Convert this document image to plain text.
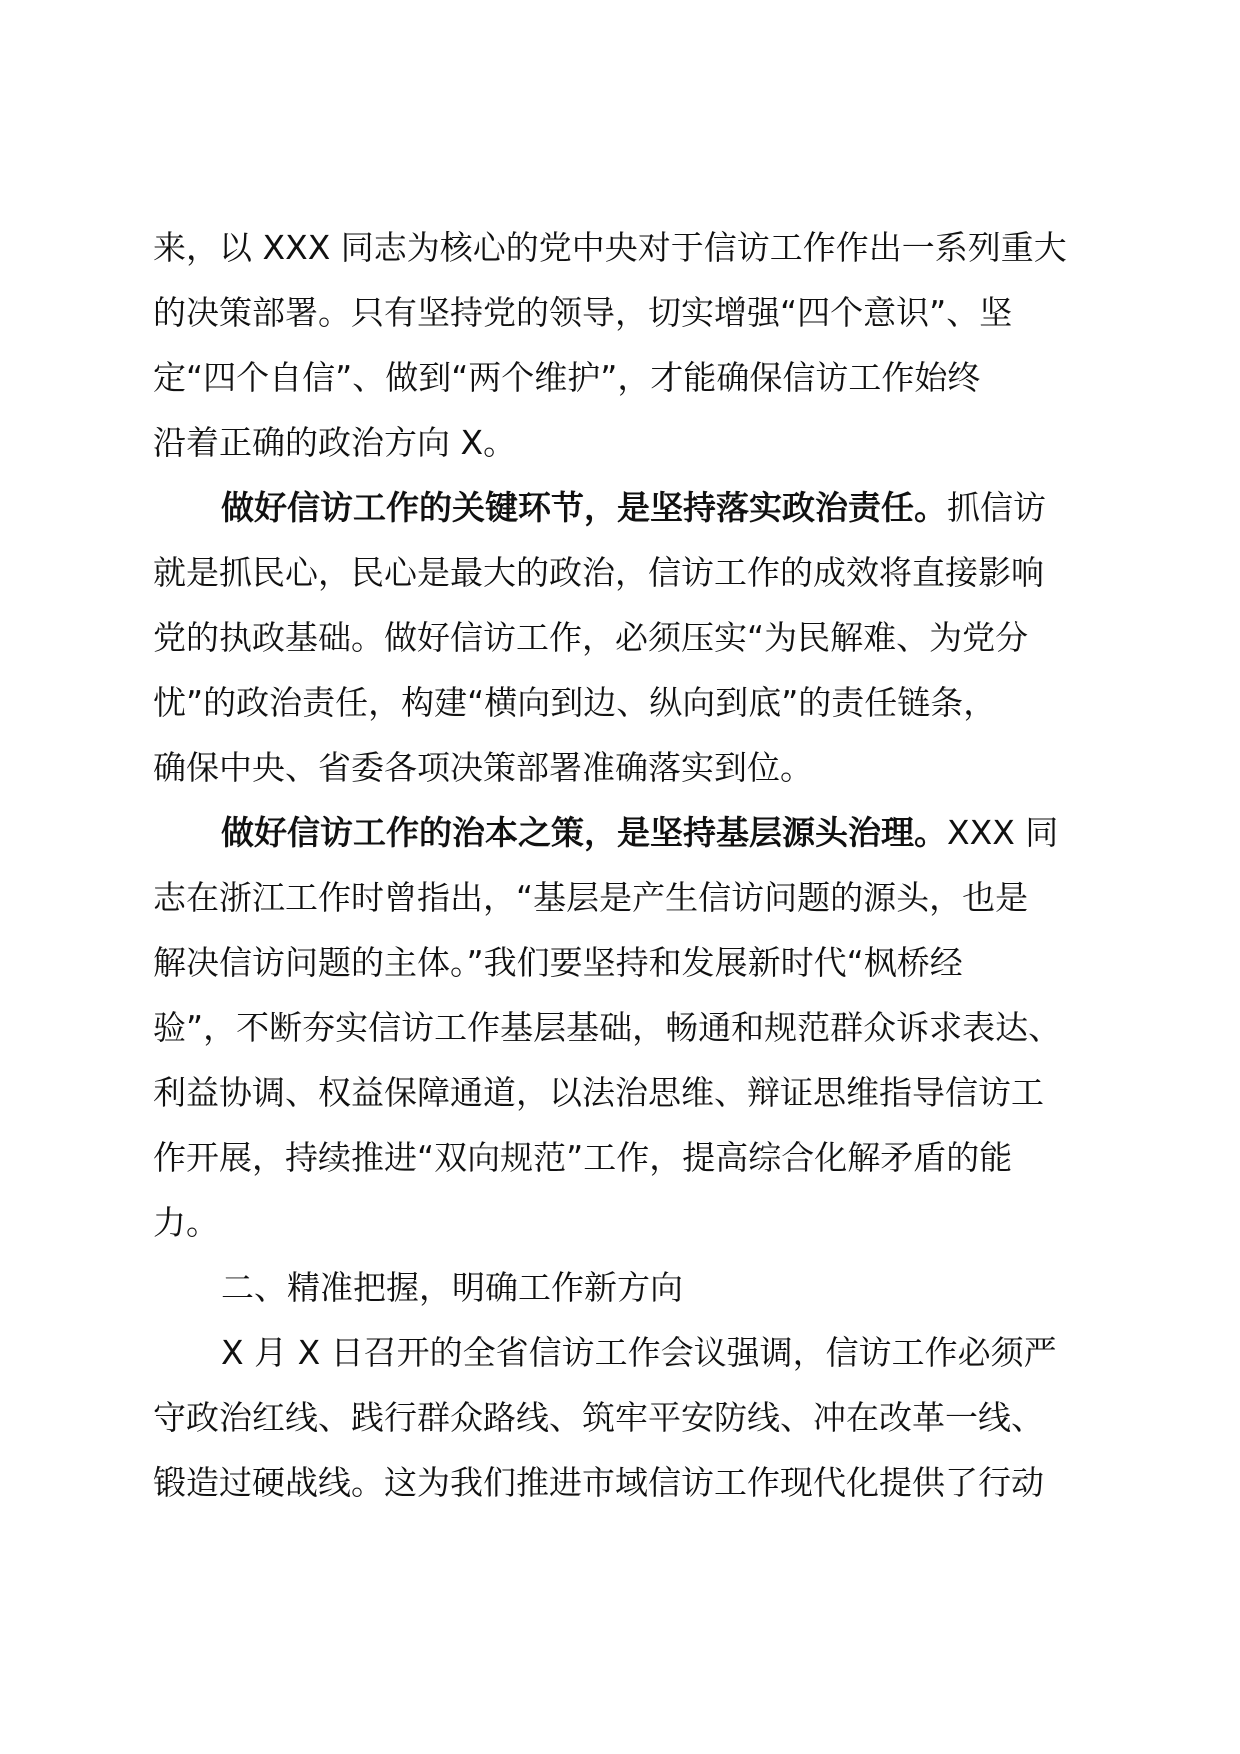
来，以 XXX 同志为核心的党中央对于信访工作作出一系列重大
的决策部署。只有坚持党的领导，切实增强“四个意识”、坚
定“四个自信”、做到“两个维护”，才能确保信访工作始终
沿着正确的政治方向 X。
做好信访工作的关键环节，是坚持落实政治责任。抓信访
就是抓民心，民心是最大的政治，信访工作的成效将直接影响
党的执政基础。做好信访工作，必须压实“为民解难、为党分
忧”的政治责任，构建“横向到边、纵向到底”的责任链条，
确保中央、省委各项决策部署准确落实到位。
做好信访工作的治本之策，是坚持基层源头治理。XXX 同
志在浙江工作时曾指出，“基层是产生信访问题的源头，也是
解决信访问题的主体。”我们要坚持和发展新时代“枫桥经
验”，不断夯实信访工作基层基础，畅通和规范群众诉求表达、
利益协调、权益保障通道，以法治思维、辩证思维指导信访工
作开展，持续推进“双向规范”工作，提高综合化解矛盾的能
力。
二、精准把握，明确工作新方向
X 月 X 日召开的全省信访工作会议强调，信访工作必须严
守政治红线、践行群众路线、筑牢平安防线、冲在改革一线、
锻造过硬战线。这为我们推进市域信访工作现代化提供了行动
